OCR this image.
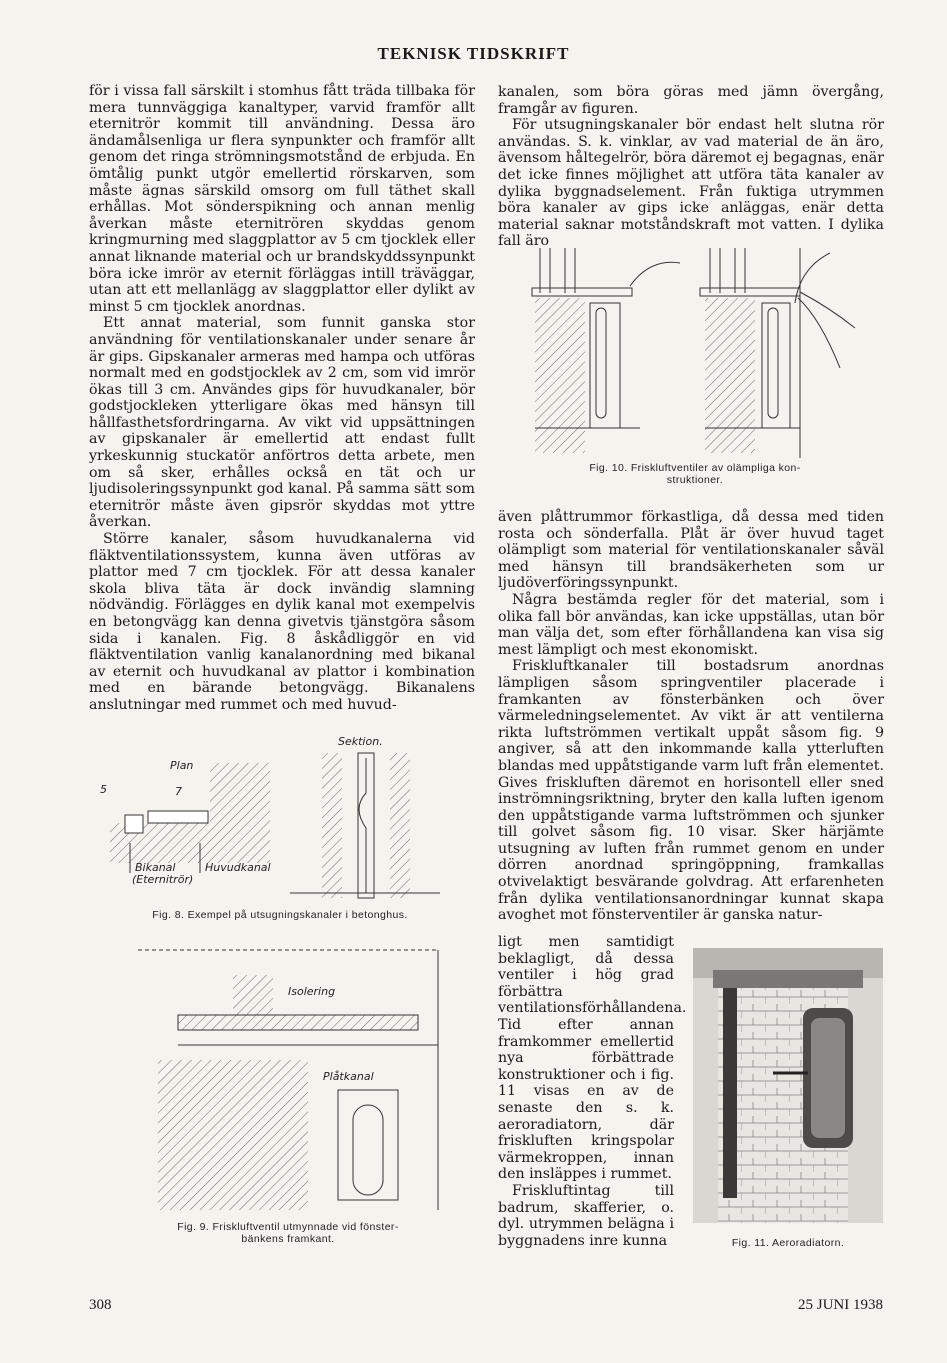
TEKNISK TIDSKRIFT

för i vissa fall särskilt i stomhus fått träda tillbaka för mera tunnväggiga kanaltyper, varvid framför allt eternitrör kommit till användning. Dessa äro ändamålsenliga ur flera synpunkter och framför allt genom det ringa strömningsmotstånd de erbjuda. En ömtålig punkt utgör emellertid rörskarven, som måste ägnas särskild omsorg om full täthet skall erhållas. Mot sönderspikning och annan menlig åverkan måste eternitrören skyddas genom kringmurning med slaggplattor av 5 cm tjocklek eller annat liknande material och ur brandskyddssynpunkt böra icke imrör av eternit förläggas intill träväggar, utan att ett mellanlägg av slaggplattor eller dylikt av minst 5 cm tjocklek anordnas.

Ett annat material, som funnit ganska stor användning för ventilationskanaler under senare år är gips. Gipskanaler armeras med hampa och utföras normalt med en godstjocklek av 2 cm, som vid imrör ökas till 3 cm. Användes gips för huvudkanaler, bör godstjockleken ytterligare ökas med hänsyn till hållfasthetsfordringarna. Av vikt vid uppsättningen av gipskanaler är emellertid att endast fullt yrkeskunnig stuckatör anförtros detta arbete, men om så sker, erhålles också en tät och ur ljudisoleringssynpunkt god kanal. På samma sätt som eternitrör måste även gipsrör skyddas mot yttre åverkan.

Större kanaler, såsom huvudkanalerna vid fläktventilationssystem, kunna även utföras av plattor med 7 cm tjocklek. För att dessa kanaler skola bliva täta är dock invändig slamning nödvändig. Förlägges en dylik kanal mot exempelvis en betongvägg kan denna givetvis tjänstgöra såsom sida i kanalen. Fig. 8 åskådliggör en vid fläktventilation vanlig kanalanordning med bikanal av eternit och huvudkanal av plattor i kombination med en bärande betongvägg. Bikanalens anslutningar med rummet och med huvud-

kanalen, som böra göras med jämn övergång, framgår av figuren.

För utsugningskanaler bör endast helt slutna rör användas. S. k. vinklar, av vad material de än äro, ävensom håltegelrör, böra däremot ej begagnas, enär det icke finnes möjlighet att utföra täta kanaler av dylika byggnadselement. Från fuktiga utrymmen böra kanaler av gips icke anläggas, enär detta material saknar motståndskraft mot vatten. I dylika fall äro

Fig. 10. Friskluftventiler av olämpliga kon-
struktioner.

även plåttrummor förkastliga, då dessa med tiden rosta och sönderfalla. Plåt är över huvud taget olämpligt som material för ventilationskanaler såväl med hänsyn till brandsäkerheten som ur ljudöverföringssynpunkt.

Några bestämda regler för det material, som i olika fall bör användas, kan icke uppställas, utan bör man välja det, som efter förhållandena kan visa sig mest lämpligt och mest ekonomiskt.

Friskluftkanaler till bostadsrum anordnas lämpligen såsom springventiler placerade i framkanten av fönsterbänken och över värmeledningselementet. Av vikt är att ventilerna rikta luftströmmen vertikalt uppåt såsom fig. 9 angiver, så att den inkommande kalla ytterluften blandas med uppåtstigande varm luft från elementet. Gives friskluften däremot en horisontell eller sned inströmningsriktning, bryter den kalla luften igenom den uppåtstigande varma luftströmmen och sjunker till golvet såsom fig. 10 visar. Sker härjämte utsugning av luften från rummet genom en under dörren anordnad springöppning, framkallas otvivelaktigt besvärande golvdrag. Att erfarenheten från dylika ventilationsanordningar kunnat skapa avoghet mot fönsterventiler är ganska natur-

ligt men samtidigt beklagligt, då dessa ventiler i hög grad förbättra ventilationsförhållandena. Tid efter annan framkommer emellertid nya förbättrade konstruktioner och i fig. 11 visas en av de senaste den s. k. aeroradiatorn, där friskluften kringspolar värmekroppen, innan den insläppes i rummet.

Friskluftintag till badrum, skafferier, o. dyl. utrymmen belägna i byggnadens inre kunna	Fig. 11. Aeroradiatorn.
Plan
5	7
Bikanal
(Eternitrör)
Huvudkanal
Sektion.
Fig. 8. Exempel på utsugningskanaler i betonghus.
Isolering
Plåtkanal
Fig. 9. Friskluftventil utmynnade vid fönster-
bänkens framkant.
308	25 JUNI 1938
